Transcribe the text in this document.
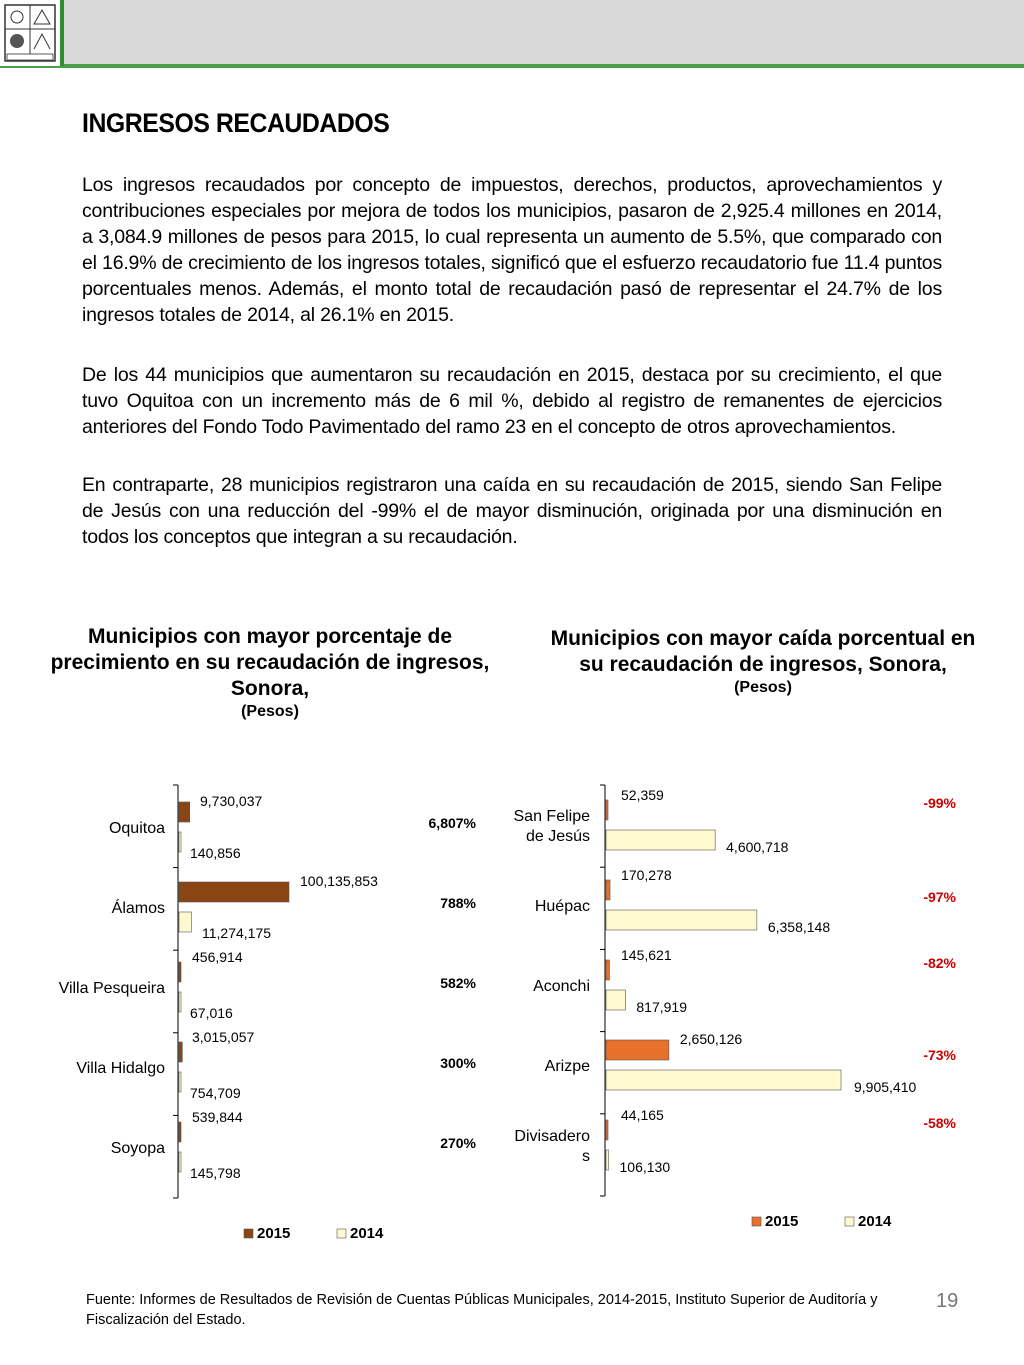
INGRESOS RECAUDADOS

Los ingresos recaudados por concepto de impuestos, derechos, productos, aprovechamientos y contribuciones especiales por mejora de todos los municipios, pasaron de 2,925.4 millones en 2014, a 3,084.9 millones de pesos para 2015, lo cual representa un aumento de 5.5%, que comparado con el 16.9% de crecimiento de los ingresos totales, significó que el esfuerzo recaudatorio fue 11.4 puntos porcentuales menos. Además, el monto total de recaudación pasó de representar el 24.7% de los ingresos totales de 2014, al 26.1% en 2015.

De los 44 municipios que aumentaron su recaudación en 2015, destaca por su crecimiento, el que tuvo Oquitoa con un incremento más de 6 mil %, debido al registro de remanentes de ejercicios anteriores del Fondo Todo Pavimentado del ramo 23 en el concepto de otros aprovechamientos.

En contraparte, 28 municipios registraron una caída en su recaudación de 2015, siendo San Felipe de Jesús con una reducción del -99% el de mayor disminución, originada por una disminución en todos los conceptos que integran a su recaudación.

Municipios con mayor porcentaje de precimiento en su recaudación de ingresos, Sonora,
(Pesos)
Municipios con mayor caída porcentual en su recaudación de ingresos, Sonora,
(Pesos)
Oquitoa
9,730,037
140,856
6,807%
Álamos
100,135,853
11,274,175
788%
Villa Pesqueira
456,914
67,016
582%
Villa Hidalgo
3,015,057
754,709
300%
Soyopa
539,844
145,798
270%
2015	2014
San Felipe
de Jesús
52,359
4,600,718
-99%
Huépac
170,278
6,358,148
-97%
Aconchi
145,621
817,919
-82%
Arizpe
2,650,126
9,905,410
-73%
Divisadero
s
44,165
106,130
-58%
2015	2014
Fuente: Informes de Resultados de Revisión de Cuentas Públicas Municipales, 2014-2015, Instituto Superior de Auditoría y Fiscalización del Estado.
19
